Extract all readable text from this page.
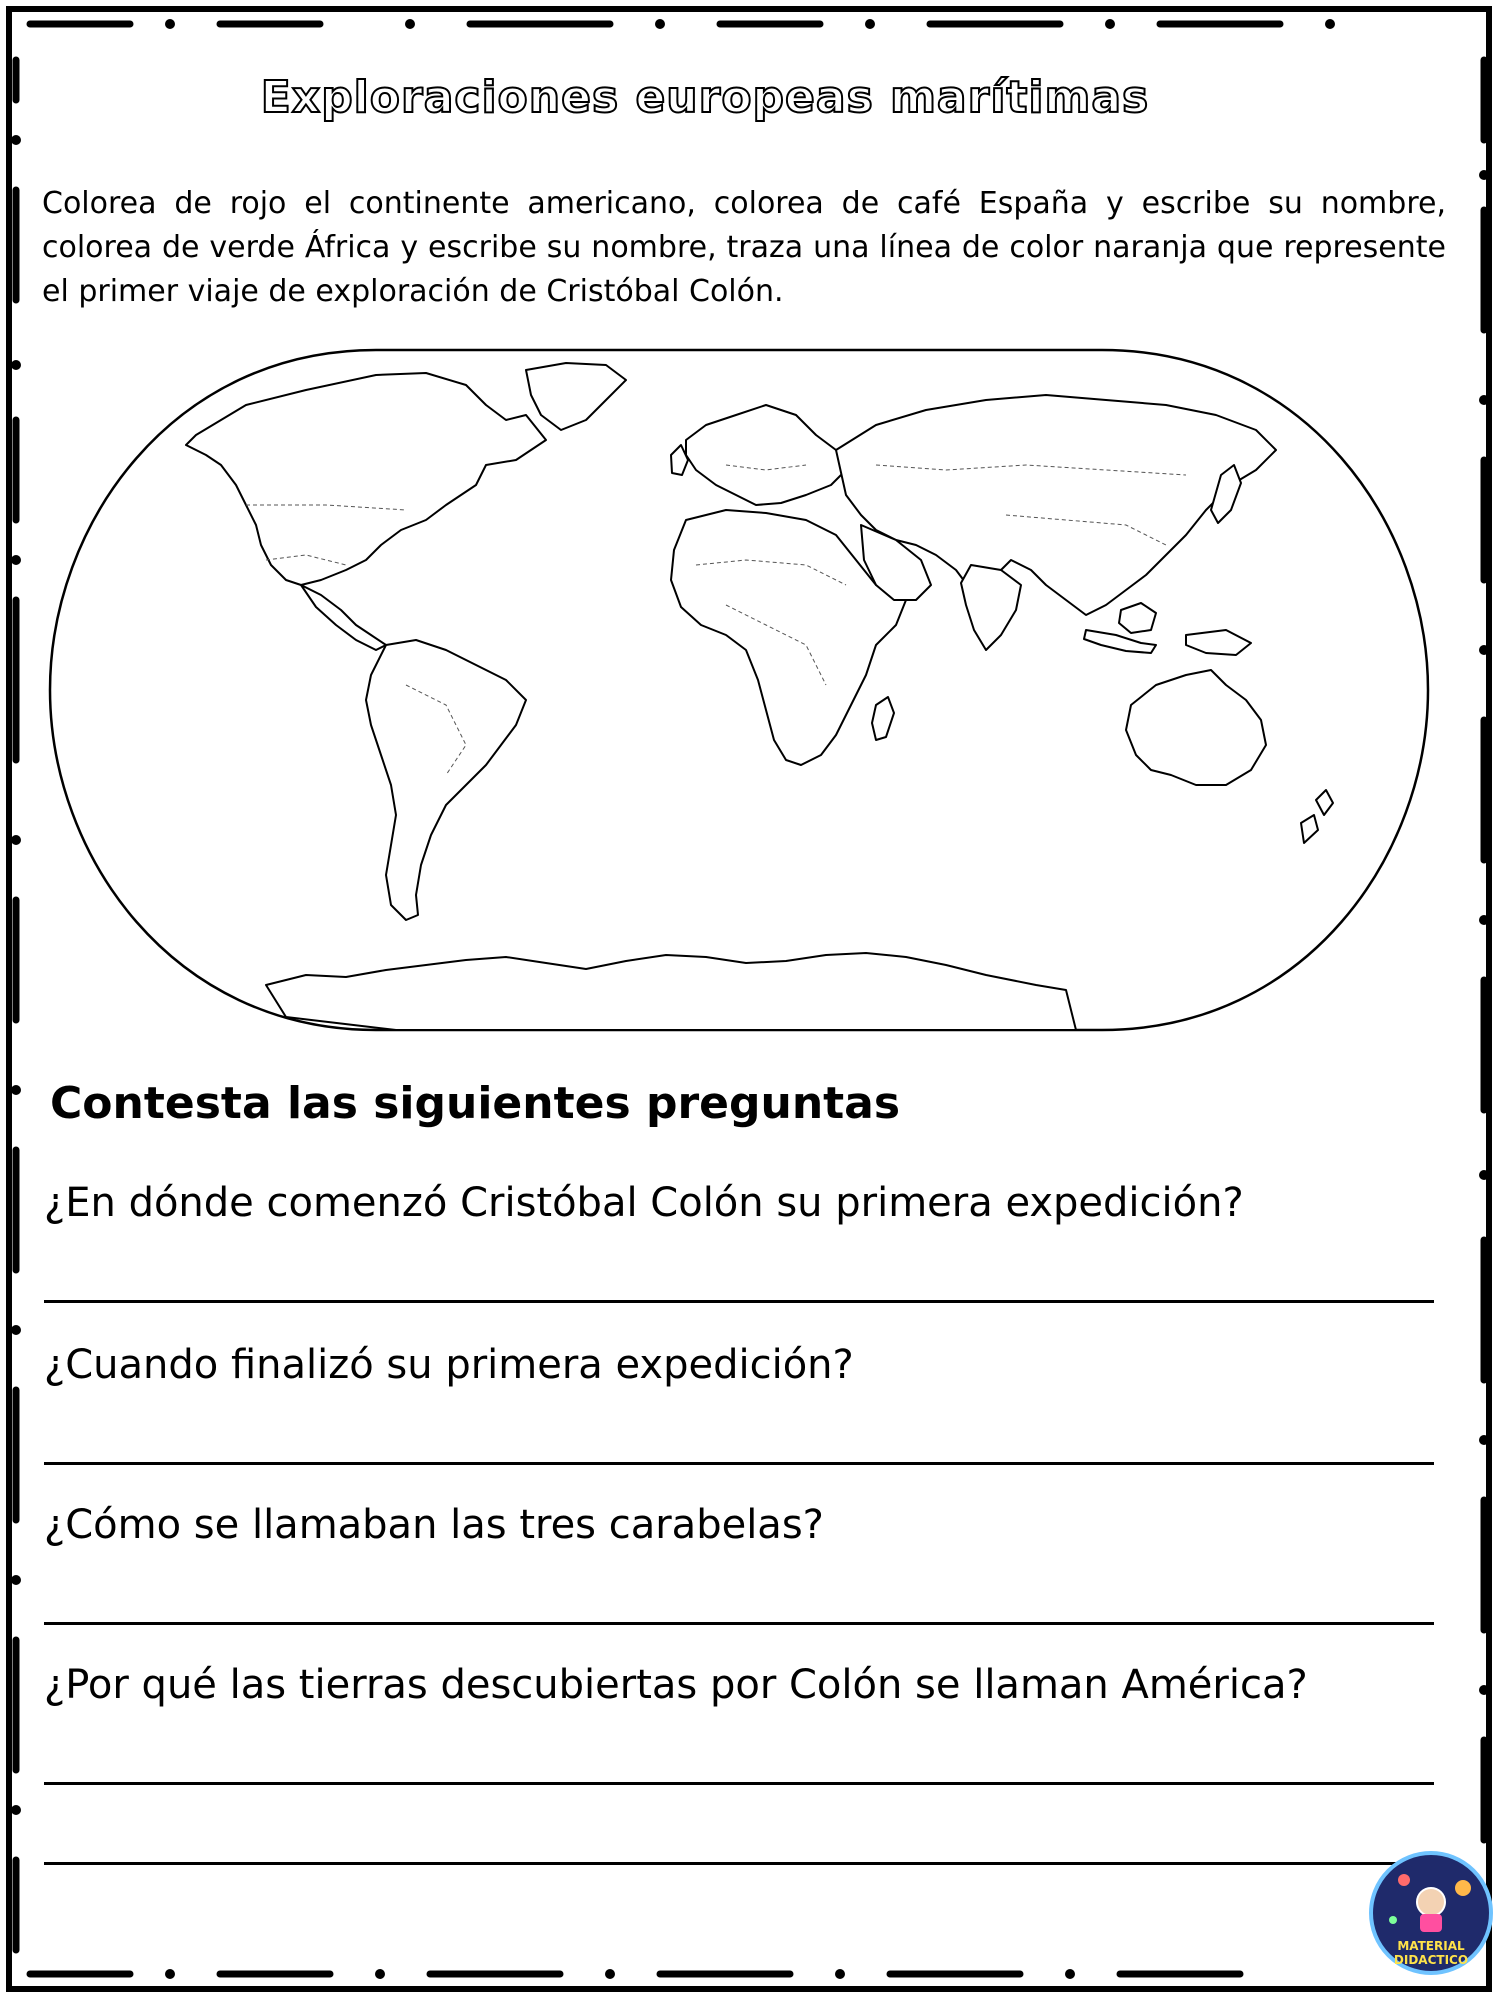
Exploraciones europeas marítimas
Colorea de rojo el continente americano, colorea de café España y escribe su nombre, colorea de verde África y escribe su nombre, traza una línea de color naranja que represente el primer viaje de exploración de Cristóbal Colón.
Contesta las siguientes preguntas
¿En dónde comenzó Cristóbal Colón su primera expedición?
¿Cuando finalizó su primera expedición?
¿Cómo se llamaban las tres carabelas?
¿Por qué las tierras descubiertas por Colón se llaman América?
MATERIAL
DIDACTICO
